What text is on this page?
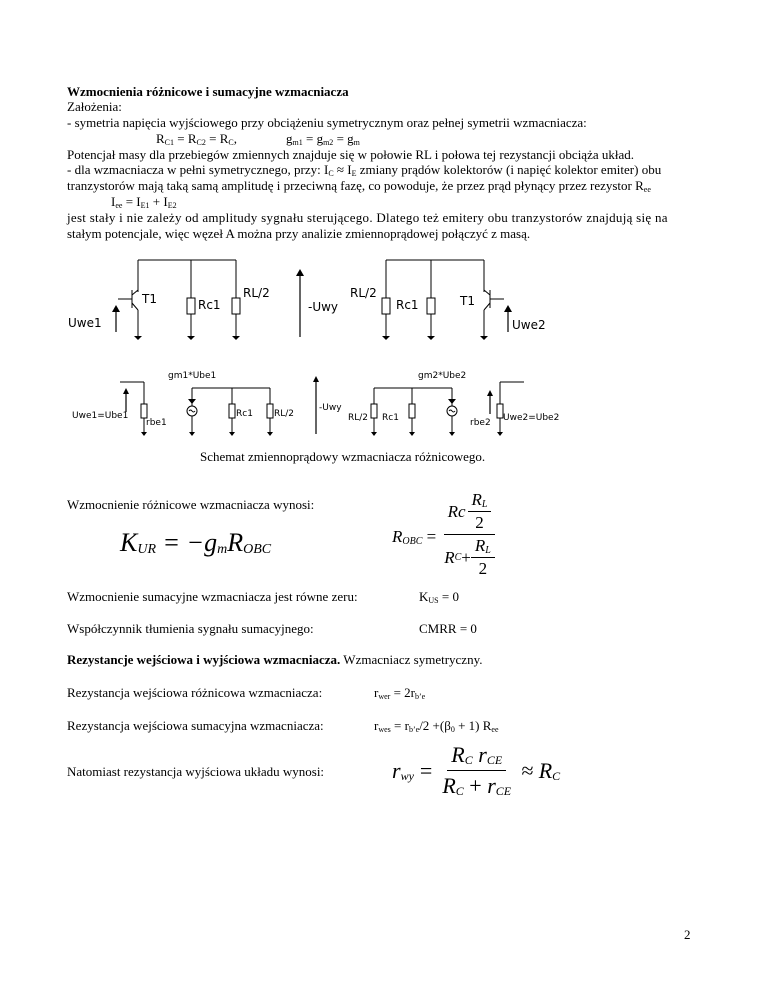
Wzmocnienia różnicowe i sumacyjne wzmacniacza
Założenia:
- symetria napięcia wyjściowego przy obciążeniu symetrycznym oraz pełnej symetrii wzmacniacza:
$R_{C1} = R_{C2} = R_C$,	$g_{m1} = g_{m2} = g_m$
Potencjał masy dla przebiegów zmiennych znajduje się w połowie RL i połowa tej rezystancji obciąża układ.
- dla wzmacniacza w pełni symetrycznego, przy: $I_C \approx I_E$ zmiany prądów kolektorów (i napięć kolektor emiter) obu
tranzystorów mają taką samą amplitudę i przeciwną fazę, co powoduje, że przez prąd płynący przez rezystor $R_{ee}$
$I_{ee} = I_{E1} + I_{E2}$
jest stały i nie zależy od amplitudy sygnału sterującego. Dlatego też emitery obu tranzystorów znajdują się na
stałym potencjale, więc węzeł A można przy analizie zmiennoprądowej połączyć z masą.
T1	Rc1
RL/2
Uwe1
-Uwy
RL/2
Rc1	T1
Uwe2
gm1*Ube1
Uwe1=Ube1
rbe1
Rc1 RL/2
-Uwy
gm2*Ube2
RL/2 Rc1	rbe2 Uwe2=Ube2
Schemat zmiennoprądowy wzmacniacza różnicowego.
Wzmocnienie różnicowe wzmacniacza wynosi:
$K_{UR} = -g_mR_{OBC}$
$R_{OBC} = \frac{Rc \frac{R_L}{2}}{R C + \frac{R_L}{2}}$
Wzmocnienie sumacyjne wzmacniacza jest równe zeru:	$K_{US} = 0$
Współczynnik tłumienia sygnału sumacyjnego:	CMRR = 0
Rezystancje wejściowa i wyjściowa wzmacniacza. Wzmacniacz symetryczny.
Rezystancja wejściowa różnicowa wzmacniacza:	$r_{wer} = 2r_{b’e}$
Rezystancja wejściowa sumacyjna wzmacniacza:	$r_{wes} = r_{b’e}/2 +(\beta_0 + 1)$ $R_{ee}$
Natomiast rezystancja wyjściowa układu wynosi:	$r_{wy} = \frac{R_C r_{CE}}{R_C + r_{CE}} \approx R_C$
2
